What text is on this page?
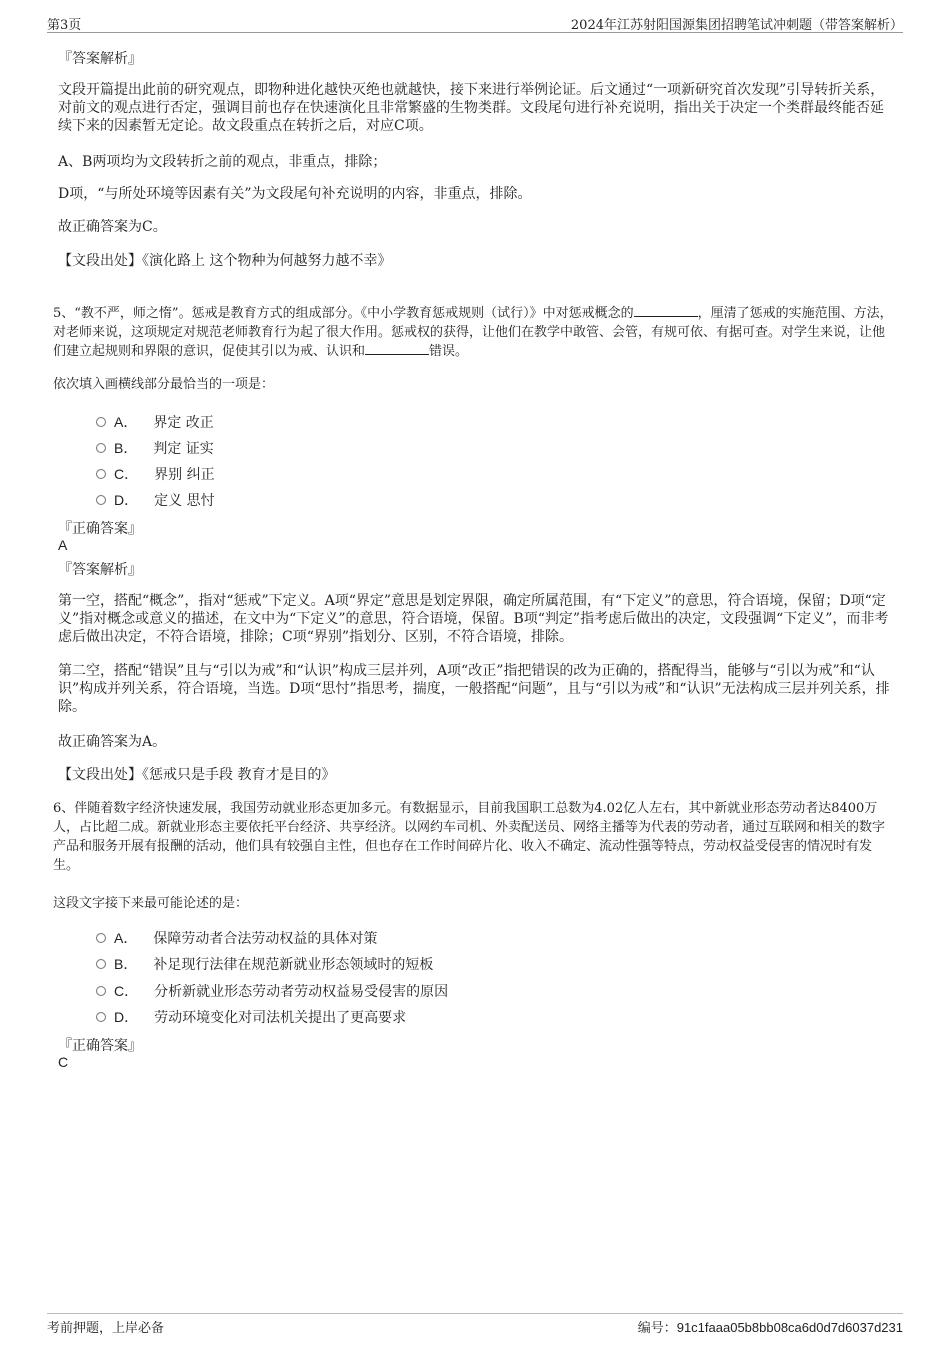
第3页	2024年江苏射阳国源集团招聘笔试冲刺题（带答案解析）
『答案解析』
文段开篇提出此前的研究观点，即物种进化越快灭绝也就越快，接下来进行举例论证。后文通过“一项新研究首次发现”引导转折关系，对前文的观点进行否定，强调目前也存在快速演化且非常繁盛的生物类群。文段尾句进行补充说明，指出关于决定一个类群最终能否延续下来的因素暂无定论。故文段重点在转折之后，对应C项。
A、B两项均为文段转折之前的观点，非重点，排除；
D项，“与所处环境等因素有关”为文段尾句补充说明的内容，非重点，排除。
故正确答案为C。
【文段出处】《演化路上 这个物种为何越努力越不幸》
5、“教不严，师之惰”。惩戒是教育方式的组成部分。《中小学教育惩戒规则（试行）》中对惩戒概念的	，厘清了惩戒的实施范围、方法，对老师来说，这项规定对规范老师教育行为起了很大作用。惩戒权的获得，让他们在教学中敢管、会管，有规可依、有据可查。对学生来说，让他们建立起规则和界限的意识，促使其引以为戒、认识和	错误。
依次填入画横线部分最恰当的一项是：
A． 界定 改正
B． 判定 证实
C． 界别 纠正
D． 定义 思忖
『正确答案』
A
『答案解析』
第一空，搭配“概念”，指对“惩戒”下定义。A项“界定”意思是划定界限，确定所属范围，有“下定义”的意思，符合语境，保留；D项“定义”指对概念或意义的描述，在文中为“下定义”的意思，符合语境，保留。B项“判定”指考虑后做出的决定，文段强调“下定义”，而非考虑后做出决定，不符合语境，排除；C项“界别”指划分、区别，不符合语境，排除。
第二空，搭配“错误”且与“引以为戒”和“认识”构成三层并列，A项“改正”指把错误的改为正确的，搭配得当，能够与“引以为戒”和“认识”构成并列关系，符合语境，当选。D项“思忖”指思考，揣度，一般搭配“问题”，且与“引以为戒”和“认识”无法构成三层并列关系，排除。
故正确答案为A。
【文段出处】《惩戒只是手段 教育才是目的》
6、伴随着数字经济快速发展，我国劳动就业形态更加多元。有数据显示，目前我国职工总数为4.02亿人左右，其中新就业形态劳动者达8400万人，占比超二成。新就业形态主要依托平台经济、共享经济。以网约车司机、外卖配送员、网络主播等为代表的劳动者，通过互联网和相关的数字产品和服务开展有报酬的活动，他们具有较强自主性，但也存在工作时间碎片化、收入不确定、流动性强等特点，劳动权益受侵害的情况时有发生。
这段文字接下来最可能论述的是：
A． 保障劳动者合法劳动权益的具体对策
B． 补足现行法律在规范新就业形态领域时的短板
C． 分析新就业形态劳动者劳动权益易受侵害的原因
D． 劳动环境变化对司法机关提出了更高要求
『正确答案』
C
考前押题，上岸必备	编号：91c1faaa05b8bb08ca6d0d7d6037d231
